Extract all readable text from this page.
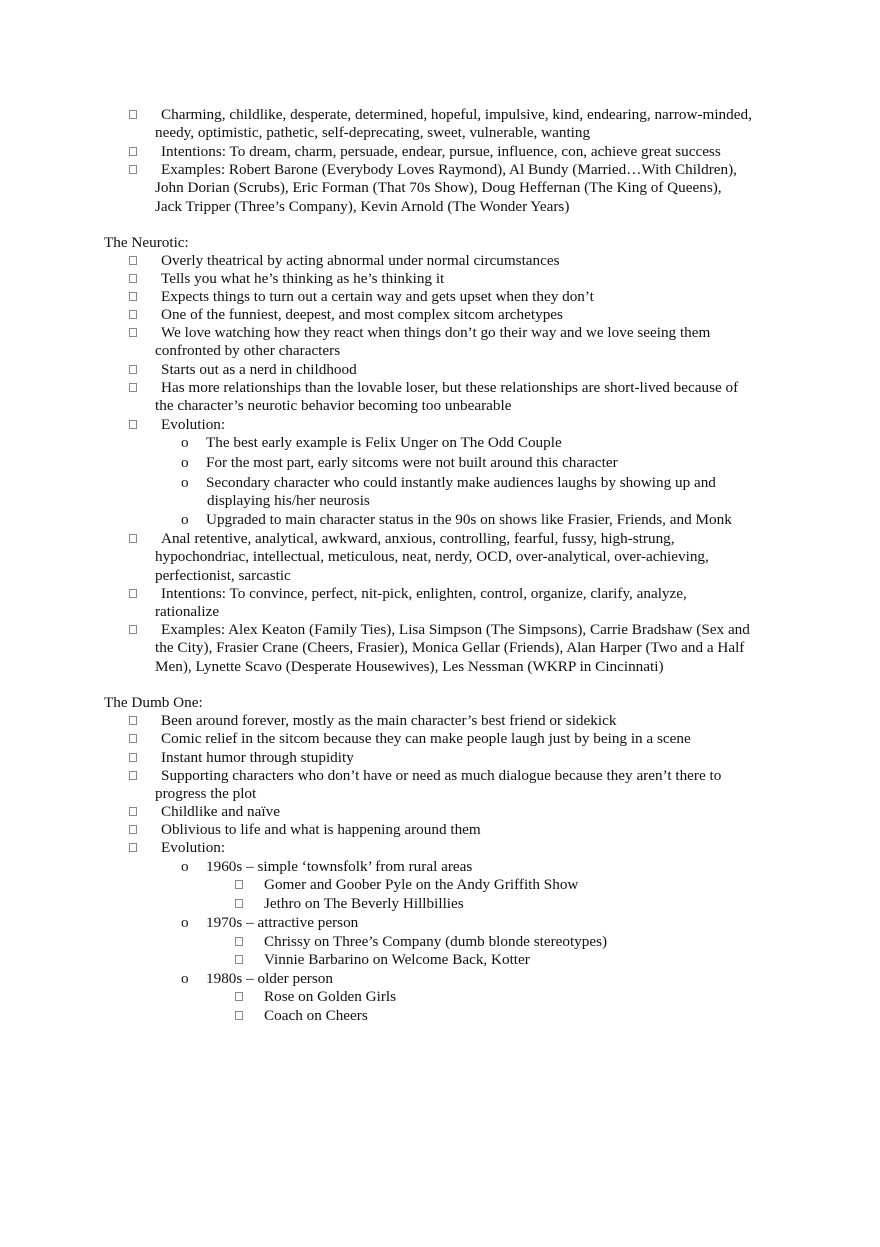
Charming, childlike, desperate, determined, hopeful, impulsive, kind, endearing, narrow-minded,
needy, optimistic, pathetic, self-deprecating, sweet, vulnerable, wanting
Intentions: To dream, charm, persuade, endear, pursue, influence, con, achieve great success
Examples: Robert Barone (Everybody Loves Raymond), Al Bundy (Married…With Children),
John Dorian (Scrubs), Eric Forman (That 70s Show), Doug Heffernan (The King of Queens),
Jack Tripper (Three’s Company), Kevin Arnold (The Wonder Years)
The Neurotic:
Overly theatrical by acting abnormal under normal circumstances
Tells you what he’s thinking as he’s thinking it
Expects things to turn out a certain way and gets upset when they don’t
One of the funniest, deepest, and most complex sitcom archetypes
We love watching how they react when things don’t go their way and we love seeing them
confronted by other characters
Starts out as a nerd in childhood
Has more relationships than the lovable loser, but these relationships are short-lived because of
the character’s neurotic behavior becoming too unbearable
Evolution:
o The best early example is Felix Unger on The Odd Couple
o For the most part, early sitcoms were not built around this character
o Secondary character who could instantly make audiences laughs by showing up and
displaying his/her neurosis
o Upgraded to main character status in the 90s on shows like Frasier, Friends, and Monk
Anal retentive, analytical, awkward, anxious, controlling, fearful, fussy, high-strung,
hypochondriac, intellectual, meticulous, neat, nerdy, OCD, over-analytical, over-achieving,
perfectionist, sarcastic
Intentions: To convince, perfect, nit-pick, enlighten, control, organize, clarify, analyze,
rationalize
Examples: Alex Keaton (Family Ties), Lisa Simpson (The Simpsons), Carrie Bradshaw (Sex and
the City), Frasier Crane (Cheers, Frasier), Monica Gellar (Friends), Alan Harper (Two and a Half
Men), Lynette Scavo (Desperate Housewives), Les Nessman (WKRP in Cincinnati)
The Dumb One:
Been around forever, mostly as the main character’s best friend or sidekick
Comic relief in the sitcom because they can make people laugh just by being in a scene
Instant humor through stupidity
Supporting characters who don’t have or need as much dialogue because they aren’t there to
progress the plot
Childlike and naïve
Oblivious to life and what is happening around them
Evolution:
o 1960s – simple ‘townsfolk’ from rural areas
Gomer and Goober Pyle on the Andy Griffith Show
Jethro on The Beverly Hillbillies
o 1970s – attractive person
Chrissy on Three’s Company (dumb blonde stereotypes)
Vinnie Barbarino on Welcome Back, Kotter
o 1980s – older person
Rose on Golden Girls
Coach on Cheers
